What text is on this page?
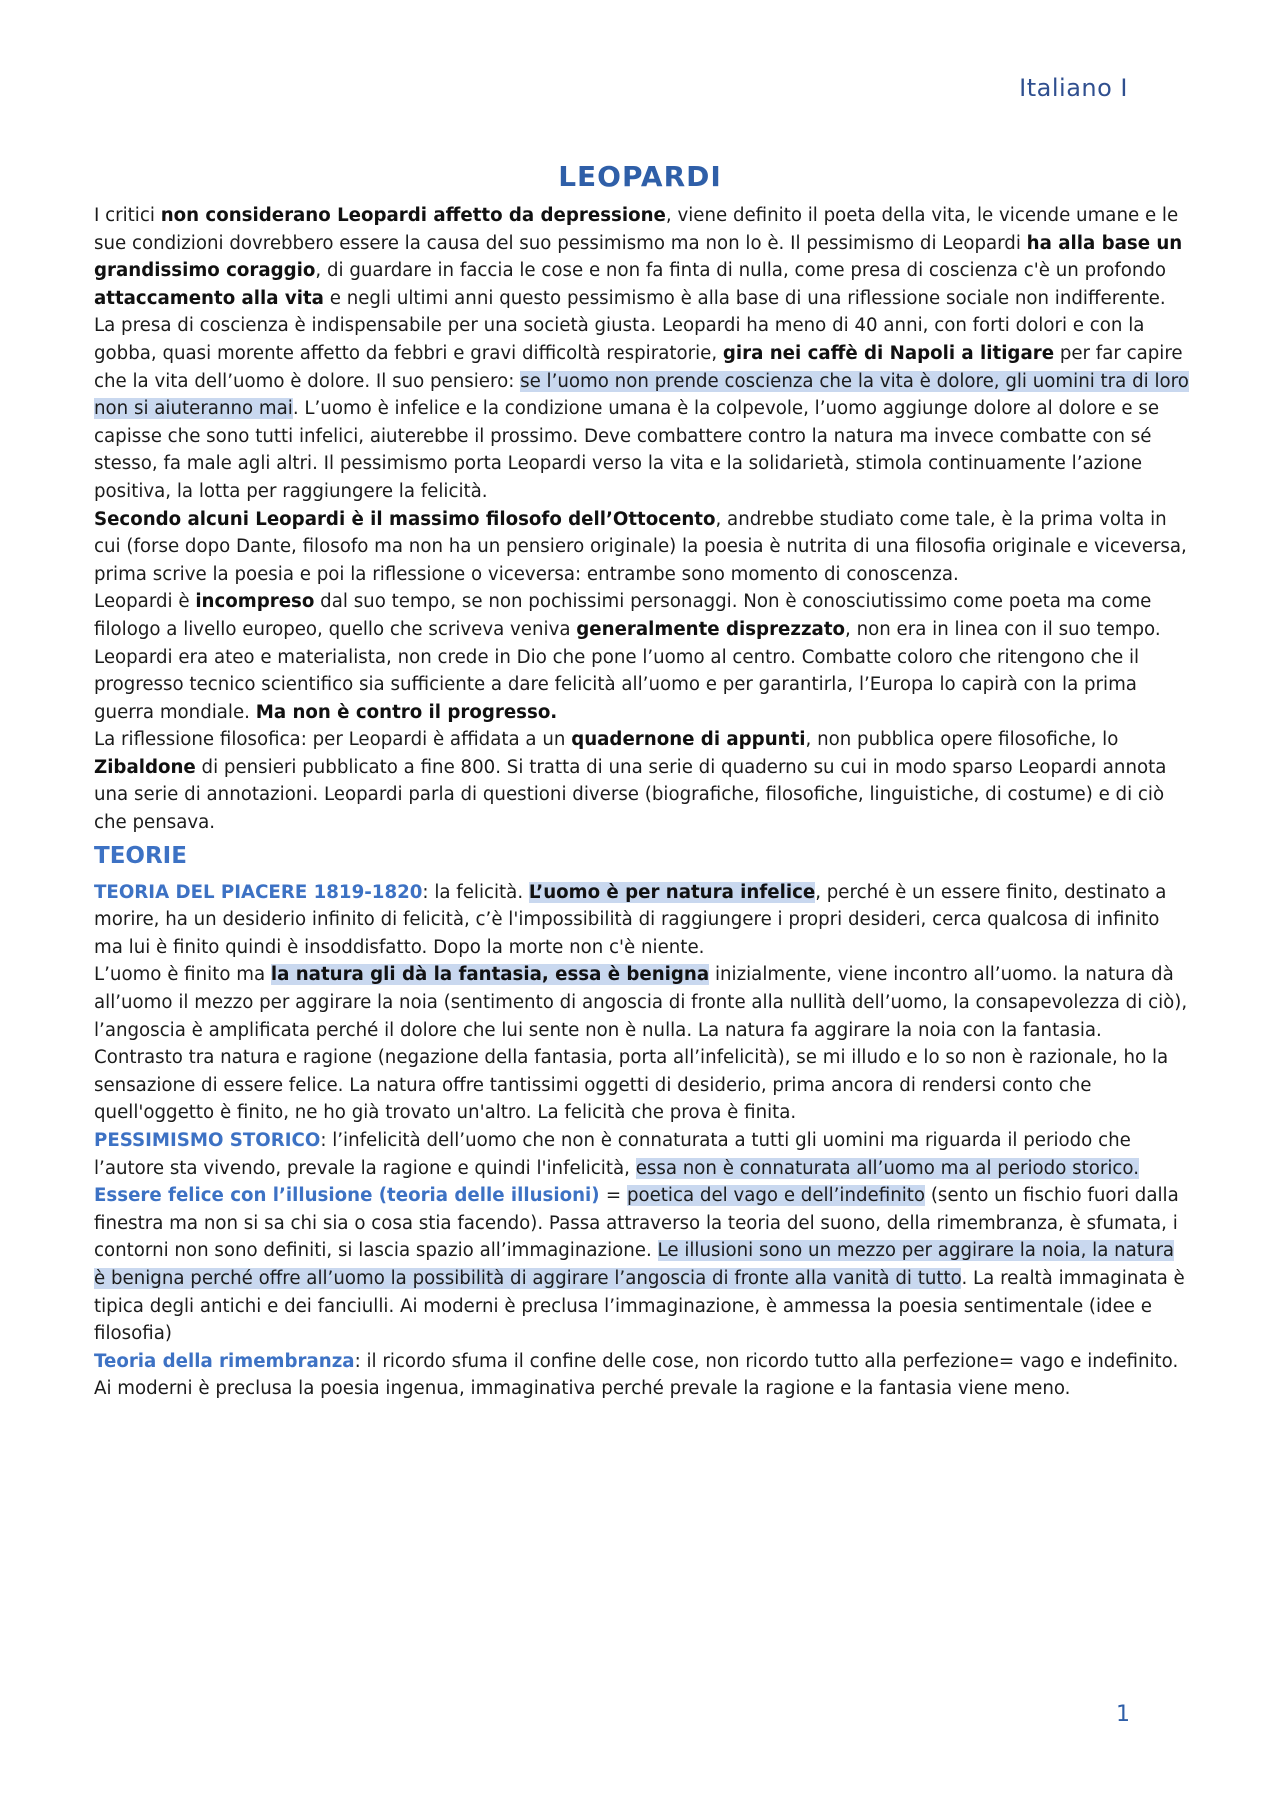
Italiano I
LEOPARDI

I critici non considerano Leopardi affetto da depressione, viene definito il poeta della vita, le vicende umane e le sue condizioni dovrebbero essere la causa del suo pessimismo ma non lo è. Il pessimismo di Leopardi ha alla base un grandissimo coraggio, di guardare in faccia le cose e non fa finta di nulla, come presa di coscienza c'è un profondo attaccamento alla vita e negli ultimi anni questo pessimismo è alla base di una riflessione sociale non indifferente. La presa di coscienza è indispensabile per una società giusta. Leopardi ha meno di 40 anni, con forti dolori e con la gobba, quasi morente affetto da febbri e gravi difficoltà respiratorie, gira nei caffè di Napoli a litigare per far capire che la vita dell’uomo è dolore. Il suo pensiero: se l’uomo non prende coscienza che la vita è dolore, gli uomini tra di loro non si aiuteranno mai. L’uomo è infelice e la condizione umana è la colpevole, l’uomo aggiunge dolore al dolore e se capisse che sono tutti infelici, aiuterebbe il prossimo. Deve combattere contro la natura ma invece combatte con sé stesso, fa male agli altri. Il pessimismo porta Leopardi verso la vita e la solidarietà, stimola continuamente l’azione positiva, la lotta per raggiungere la felicità.

Secondo alcuni Leopardi è il massimo filosofo dell’Ottocento, andrebbe studiato come tale, è la prima volta in cui (forse dopo Dante, filosofo ma non ha un pensiero originale) la poesia è nutrita di una filosofia originale e viceversa, prima scrive la poesia e poi la riflessione o viceversa: entrambe sono momento di conoscenza.

Leopardi è incompreso dal suo tempo, se non pochissimi personaggi. Non è conosciutissimo come poeta ma come filologo a livello europeo, quello che scriveva veniva generalmente disprezzato, non era in linea con il suo tempo. Leopardi era ateo e materialista, non crede in Dio che pone l’uomo al centro. Combatte coloro che ritengono che il progresso tecnico scientifico sia sufficiente a dare felicità all’uomo e per garantirla, l’Europa lo capirà con la prima guerra mondiale. Ma non è contro il progresso.

La riflessione filosofica: per Leopardi è affidata a un quadernone di appunti, non pubblica opere filosofiche, lo Zibaldone di pensieri pubblicato a fine 800. Si tratta di una serie di quaderno su cui in modo sparso Leopardi annota una serie di annotazioni. Leopardi parla di questioni diverse (biografiche, filosofiche, linguistiche, di costume) e di ciò che pensava.

TEORIE

TEORIA DEL PIACERE 1819-1820: la felicità. L’uomo è per natura infelice, perché è un essere finito, destinato a morire, ha un desiderio infinito di felicità, c’è l'impossibilità di raggiungere i propri desideri, cerca qualcosa di infinito ma lui è finito quindi è insoddisfatto. Dopo la morte non c'è niente.

L’uomo è finito ma la natura gli dà la fantasia, essa è benigna inizialmente, viene incontro all’uomo. la natura dà all’uomo il mezzo per aggirare la noia (sentimento di angoscia di fronte alla nullità dell’uomo, la consapevolezza di ciò), l’angoscia è amplificata perché il dolore che lui sente non è nulla. La natura fa aggirare la noia con la fantasia. Contrasto tra natura e ragione (negazione della fantasia, porta all’infelicità), se mi illudo e lo so non è razionale, ho la sensazione di essere felice. La natura offre tantissimi oggetti di desiderio, prima ancora di rendersi conto che quell'oggetto è finito, ne ho già trovato un'altro. La felicità che prova è finita.

PESSIMISMO STORICO: l’infelicità dell’uomo che non è connaturata a tutti gli uomini ma riguarda il periodo che l’autore sta vivendo, prevale la ragione e quindi l'infelicità, essa non è connaturata all’uomo ma al periodo storico.

Essere felice con l’illusione (teoria delle illusioni) = poetica del vago e dell’indefinito (sento un fischio fuori dalla finestra ma non si sa chi sia o cosa stia facendo). Passa attraverso la teoria del suono, della rimembranza, è sfumata, i contorni non sono definiti, si lascia spazio all’immaginazione. Le illusioni sono un mezzo per aggirare la noia, la natura è benigna perché offre all’uomo la possibilità di aggirare l’angoscia di fronte alla vanità di tutto. La realtà immaginata è tipica degli antichi e dei fanciulli. Ai moderni è preclusa l’immaginazione, è ammessa la poesia sentimentale (idee e filosofia)

Teoria della rimembranza: il ricordo sfuma il confine delle cose, non ricordo tutto alla perfezione= vago e indefinito. Ai moderni è preclusa la poesia ingenua, immaginativa perché prevale la ragione e la fantasia viene meno.

1
